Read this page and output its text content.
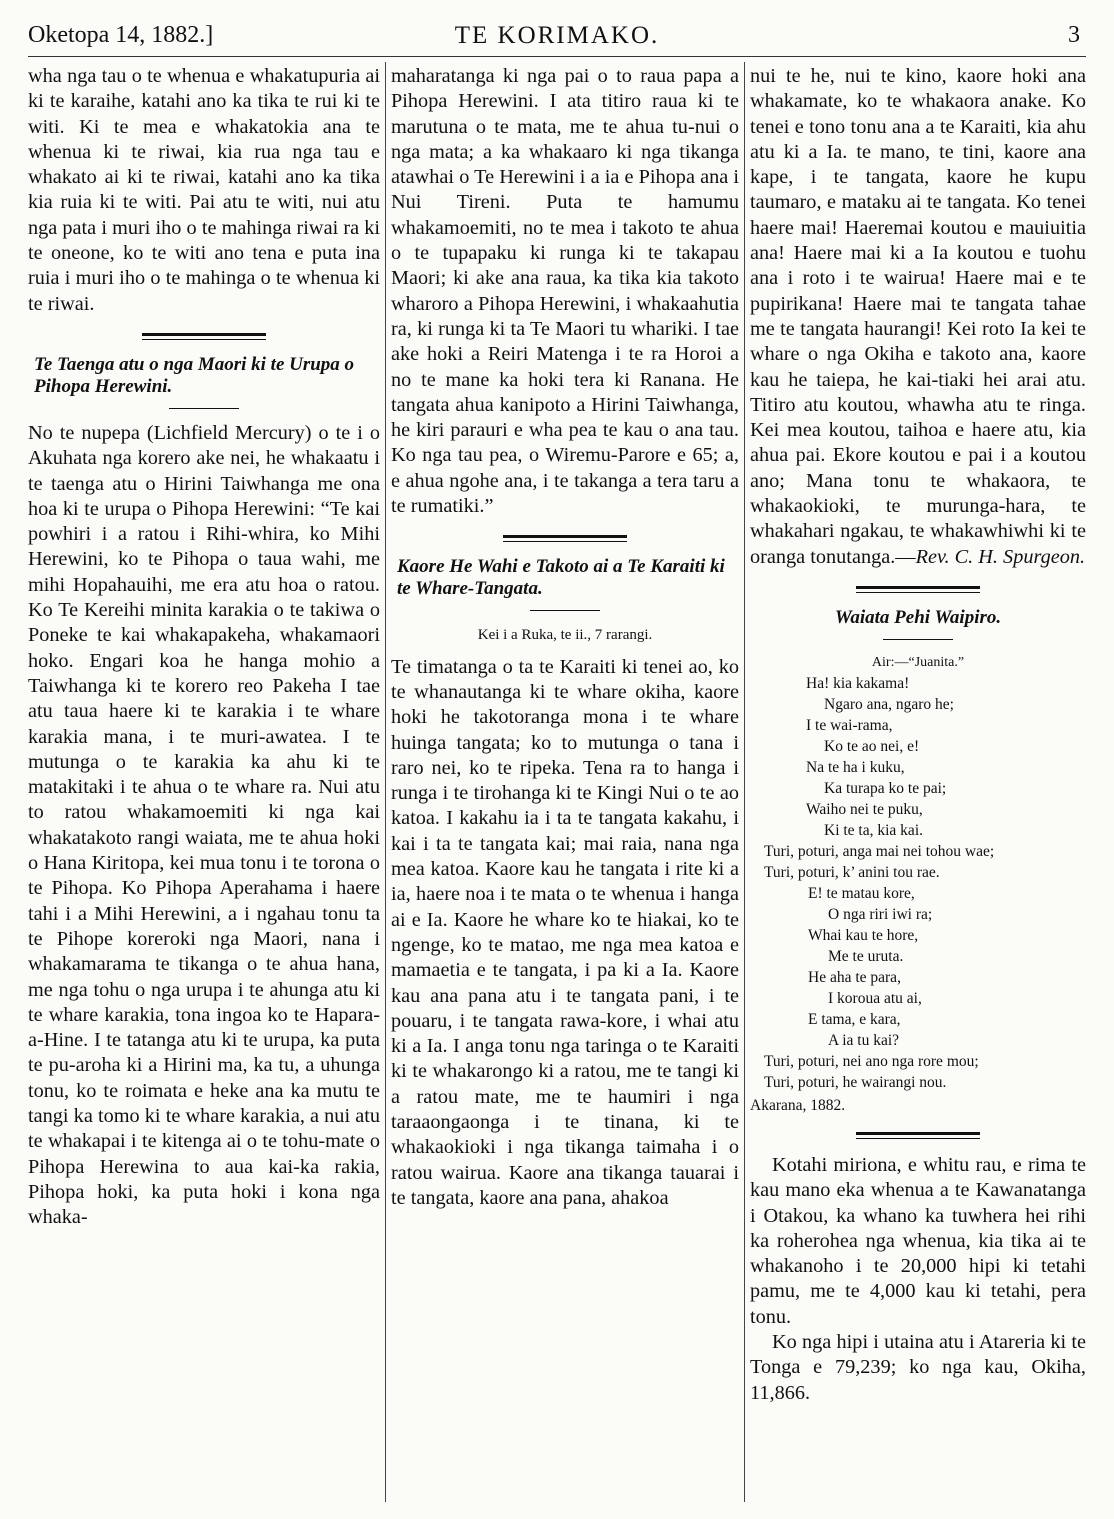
Oketopa 14, 1882.]	TE KORIMAKO.	3

wha nga tau o te whenua e whakatupuria ai ki te karaihe, katahi ano ka tika te rui ki te witi. Ki te mea e whakatokia ana te whenua ki te riwai, kia rua nga tau e whakato ai ki te riwai, katahi ano ka tika kia ruia ki te witi. Pai atu te witi, nui atu nga pata i muri iho o te mahinga riwai ra ki te oneone, ko te witi ano tena e puta ina ruia i muri iho o te mahinga o te whenua ki te riwai.

Te Taenga atu o nga Maori ki te Urupa o Pihopa Herewini.

No te nupepa (Lichfield Mercury) o te i o Akuhata nga korero ake nei, he whakaatu i te taenga atu o Hirini Taiwhanga me ona hoa ki te urupa o Pihopa Herewini: “Te kai powhiri i a ratou i Rihi-whira, ko Mihi Herewini, ko te Pihopa o taua wahi, me mihi Hopahauihi, me era atu hoa o ratou. Ko Te Kereihi minita karakia o te takiwa o Poneke te kai whakapakeha, whakamaori hoko. Engari koa he hanga mohio a Taiwhanga ki te korero reo Pakeha I tae atu taua haere ki te karakia i te whare karakia mana, i te muri-awatea. I te mutunga o te karakia ka ahu ki te matakitaki i te ahua o te whare ra. Nui atu to ratou whakamoemiti ki nga kai whakatakoto rangi waiata, me te ahua hoki o Hana Kiritopa, kei mua tonu i te torona o te Pihopa. Ko Pihopa Aperahama i haere tahi i a Mihi Herewini, a i ngahau tonu ta te Pihope koreroki nga Maori, nana i whakamarama te tikanga o te ahua hana, me nga tohu o nga urupa i te ahunga atu ki te whare karakia, tona ingoa ko te Hapara-a-Hine. I te tatanga atu ki te urupa, ka puta te pu-aroha ki a Hirini ma, ka tu, a uhunga tonu, ko te roimata e heke ana ka mutu te tangi ka tomo ki te whare karakia, a nui atu te whakapai i te kitenga ai o te tohu-mate o Pihopa Herewina to aua kai-ka rakia, Pihopa hoki, ka puta hoki i kona nga whaka-

maharatanga ki nga pai o to raua papa a Pihopa Herewini. I ata titiro raua ki te marutuna o te mata, me te ahua tu-nui o nga mata; a ka whakaaro ki nga tikanga atawhai o Te Herewini i a ia e Pihopa ana i Nui Tireni. Puta te hamumu whakamoemiti, no te mea i takoto te ahua o te tupapaku ki runga ki te takapau Maori; ki ake ana raua, ka tika kia takoto wharoro a Pihopa Herewini, i whakaahutia ra, ki runga ki ta Te Maori tu whariki. I tae ake hoki a Reiri Matenga i te ra Horoi a no te mane ka hoki tera ki Ranana. He tangata ahua kanipoto a Hirini Taiwhanga, he kiri parauri e wha pea te kau o ana tau. Ko nga tau pea, o Wiremu-Parore e 65; a, e ahua ngohe ana, i te takanga a tera taru a te rumatiki.”

Kaore He Wahi e Takoto ai a Te Karaiti ki te Whare-Tangata.

Kei i a Ruka, te ii., 7 rarangi.

Te timatanga o ta te Karaiti ki tenei ao, ko te whanautanga ki te whare okiha, kaore hoki he takotoranga mona i te whare huinga tangata; ko to mutunga o tana i raro nei, ko te ripeka. Tena ra to hanga i runga i te tirohanga ki te Kingi Nui o te ao katoa. I kakahu ia i ta te tangata kakahu, i kai i ta te tangata kai; mai raia, nana nga mea katoa. Kaore kau he tangata i rite ki a ia, haere noa i te mata o te whenua i hanga ai e Ia. Kaore he whare ko te hiakai, ko te ngenge, ko te matao, me nga mea katoa e mamaetia e te tangata, i pa ki a Ia. Kaore kau ana pana atu i te tangata pani, i te pouaru, i te tangata rawa-kore, i whai atu ki a Ia. I anga tonu nga taringa o te Karaiti ki te whakarongo ki a ratou, me te tangi ki a ratou mate, me te haumiri i nga taraaongaonga i te tinana, ki te whakaokioki i nga tikanga taimaha i o ratou wairua. Kaore ana tikanga tauarai i te tangata, kaore ana pana, ahakoa

nui te he, nui te kino, kaore hoki ana whakamate, ko te whakaora anake. Ko tenei e tono tonu ana a te Karaiti, kia ahu atu ki a Ia. te mano, te tini, kaore ana kape, i te tangata, kaore he kupu taumaro, e mataku ai te tangata. Ko tenei haere mai! Haeremai koutou e mauiuitia ana! Haere mai ki a Ia koutou e tuohu ana i roto i te wairua! Haere mai e te pupirikana! Haere mai te tangata tahae me te tangata haurangi! Kei roto Ia kei te whare o nga Okiha e takoto ana, kaore kau he taiepa, he kai-tiaki hei arai atu. Titiro atu koutou, whawha atu te ringa. Kei mea koutou, taihoa e haere atu, kia ahua pai. Ekore koutou e pai i a koutou ano; Mana tonu te whakaora, te whakaokioki, te murunga-hara, te whakahari ngakau, te whakawhiwhi ki te oranga tonutanga.—Rev. C. H. Spurgeon.

Waiata Pehi Waipiro.

Air:—“Juanita.”
Ha! kia kakama!
Ngaro ana, ngaro he;
I te wai-rama,
Ko te ao nei, e!
Na te ha i kuku,
Ka turapa ko te pai;
Waiho nei te puku,
Ki te ta, kia kai.
Turi, poturi, anga mai nei tohou wae;
Turi, poturi, k’ anini tou rae.
E! te matau kore,
O nga riri iwi ra;
Whai kau te hore,
Me te uruta.
He aha te para,
I koroua atu ai,
E tama, e kara,
A ia tu kai?
Turi, poturi, nei ano nga rore mou;
Turi, poturi, he wairangi nou.
Akarana, 1882.

Kotahi miriona, e whitu rau, e rima te kau mano eka whenua a te Kawanatanga i Otakou, ka whano ka tuwhera hei rihi ka roherohea nga whenua, kia tika ai te whakanoho i te 20,000 hipi ki tetahi pamu, me te 4,000 kau ki tetahi, pera tonu.

Ko nga hipi i utaina atu i Atareria ki te Tonga e 79,239; ko nga kau, Okiha, 11,866.
